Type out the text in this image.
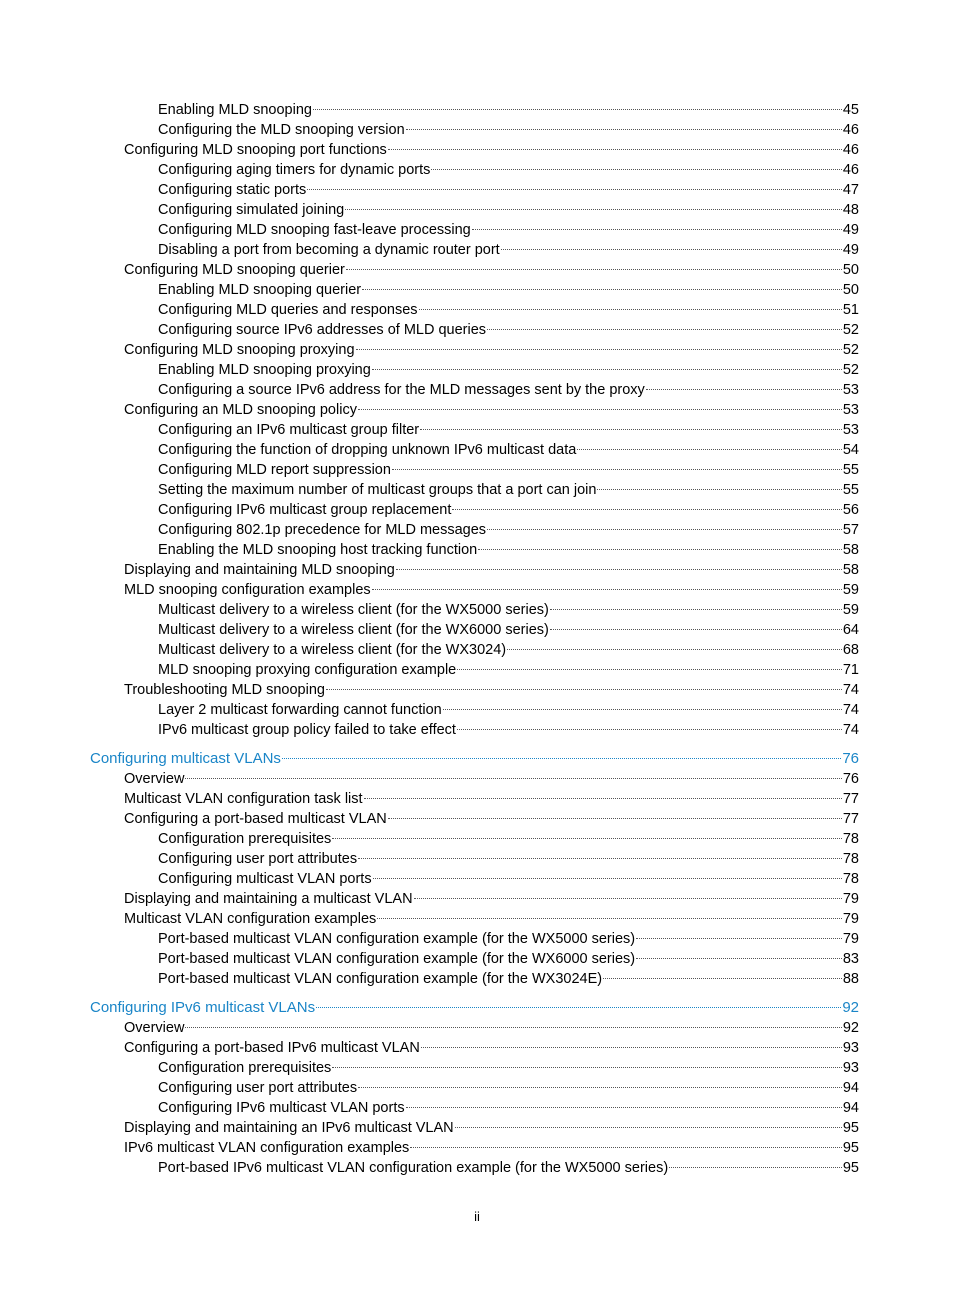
Enabling MLD snooping	45
Configuring the MLD snooping version	46
Configuring MLD snooping port functions	46
Configuring aging timers for dynamic ports	46
Configuring static ports	47
Configuring simulated joining	48
Configuring MLD snooping fast-leave processing	49
Disabling a port from becoming a dynamic router port	49
Configuring MLD snooping querier	50
Enabling MLD snooping querier	50
Configuring MLD queries and responses	51
Configuring source IPv6 addresses of MLD queries	52
Configuring MLD snooping proxying	52
Enabling MLD snooping proxying	52
Configuring a source IPv6 address for the MLD messages sent by the proxy	53
Configuring an MLD snooping policy	53
Configuring an IPv6 multicast group filter	53
Configuring the function of dropping unknown IPv6 multicast data	54
Configuring MLD report suppression	55
Setting the maximum number of multicast groups that a port can join	55
Configuring IPv6 multicast group replacement	56
Configuring 802.1p precedence for MLD messages	57
Enabling the MLD snooping host tracking function	58
Displaying and maintaining MLD snooping	58
MLD snooping configuration examples	59
Multicast delivery to a wireless client (for the WX5000 series)	59
Multicast delivery to a wireless client (for the WX6000 series)	64
Multicast delivery to a wireless client (for the WX3024)	68
MLD snooping proxying configuration example	71
Troubleshooting MLD snooping	74
Layer 2 multicast forwarding cannot function	74
IPv6 multicast group policy failed to take effect	74
Configuring multicast VLANs	76
Overview	76
Multicast VLAN configuration task list	77
Configuring a port-based multicast VLAN	77
Configuration prerequisites	78
Configuring user port attributes	78
Configuring multicast VLAN ports	78
Displaying and maintaining a multicast VLAN	79
Multicast VLAN configuration examples	79
Port-based multicast VLAN configuration example (for the WX5000 series)	79
Port-based multicast VLAN configuration example (for the WX6000 series)	83
Port-based multicast VLAN configuration example (for the WX3024E)	88
Configuring IPv6 multicast VLANs	92
Overview	92
Configuring a port-based IPv6 multicast VLAN	93
Configuration prerequisites	93
Configuring user port attributes	94
Configuring IPv6 multicast VLAN ports	94
Displaying and maintaining an IPv6 multicast VLAN	95
IPv6 multicast VLAN configuration examples	95
Port-based IPv6 multicast VLAN configuration example (for the WX5000 series)	95
ii
